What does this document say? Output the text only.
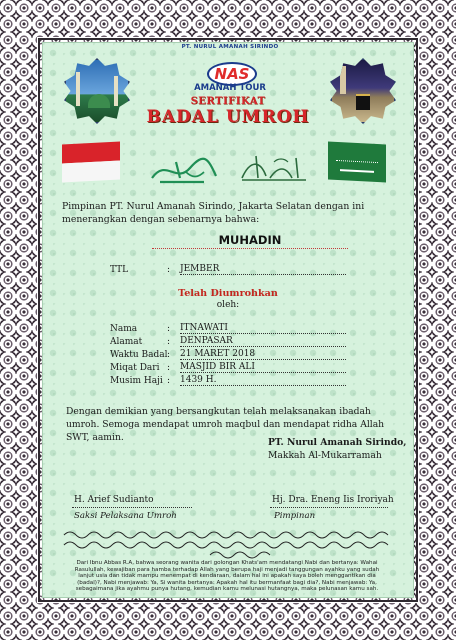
PT. NURUL AMANAH SIRINDO
NAS
AMANAH TOUR
SERTIFIKAT
BADAL UMROH
Pimpinan PT. Nurul Amanah Sirindo, Jakarta Selatan dengan ini menerangkan dengan sebenarnya bahwa:
MUHADIN
TTL	: JEMBER
Telah Diumrohkan
oleh:
Nama	: ITNAWATI
Alamat	: DENPASAR
Waktu Badal : 21 MARET 2018
Miqat Dari : MASJID BIR ALI
Musim Haji : 1439 H.
Dengan demikian yang bersangkutan telah melaksanakan ibadah umroh. Semoga mendapat umroh maqbul dan mendapat ridha Allah SWT, aamin.	PT. Nurul Amanah Sirindo,
Makkah Al-Mukarramah
H. Arief Sudianto
Saksi Pelaksana Umroh
Hj. Dra. Eneng Iis Iroriyah
Pimpinan
Dari Ibnu Abbas R.A, bahwa seorang wanita dari golongan Khats'am mendatangi Nabi dan bertanya: Wahai Rasulullah, kewajiban para hamba terhadap Allah yang berupa haji menjadi tanggungan ayahku yang sudah lanjut usia dan tidak mampu menempat di kendaraan, dalam hal ini apakah saya boleh menggantikan dia (badal)?, Nabi menjawab: Ya, Si wanita bertanya: Apakah hal itu bermanfaat bagi dia?, Nabi menjawab: Ya, sebagaimana jika ayahmu punya hutang, kemudian kamu melunasi hutangnya, maka pelunasan kamu sah.
